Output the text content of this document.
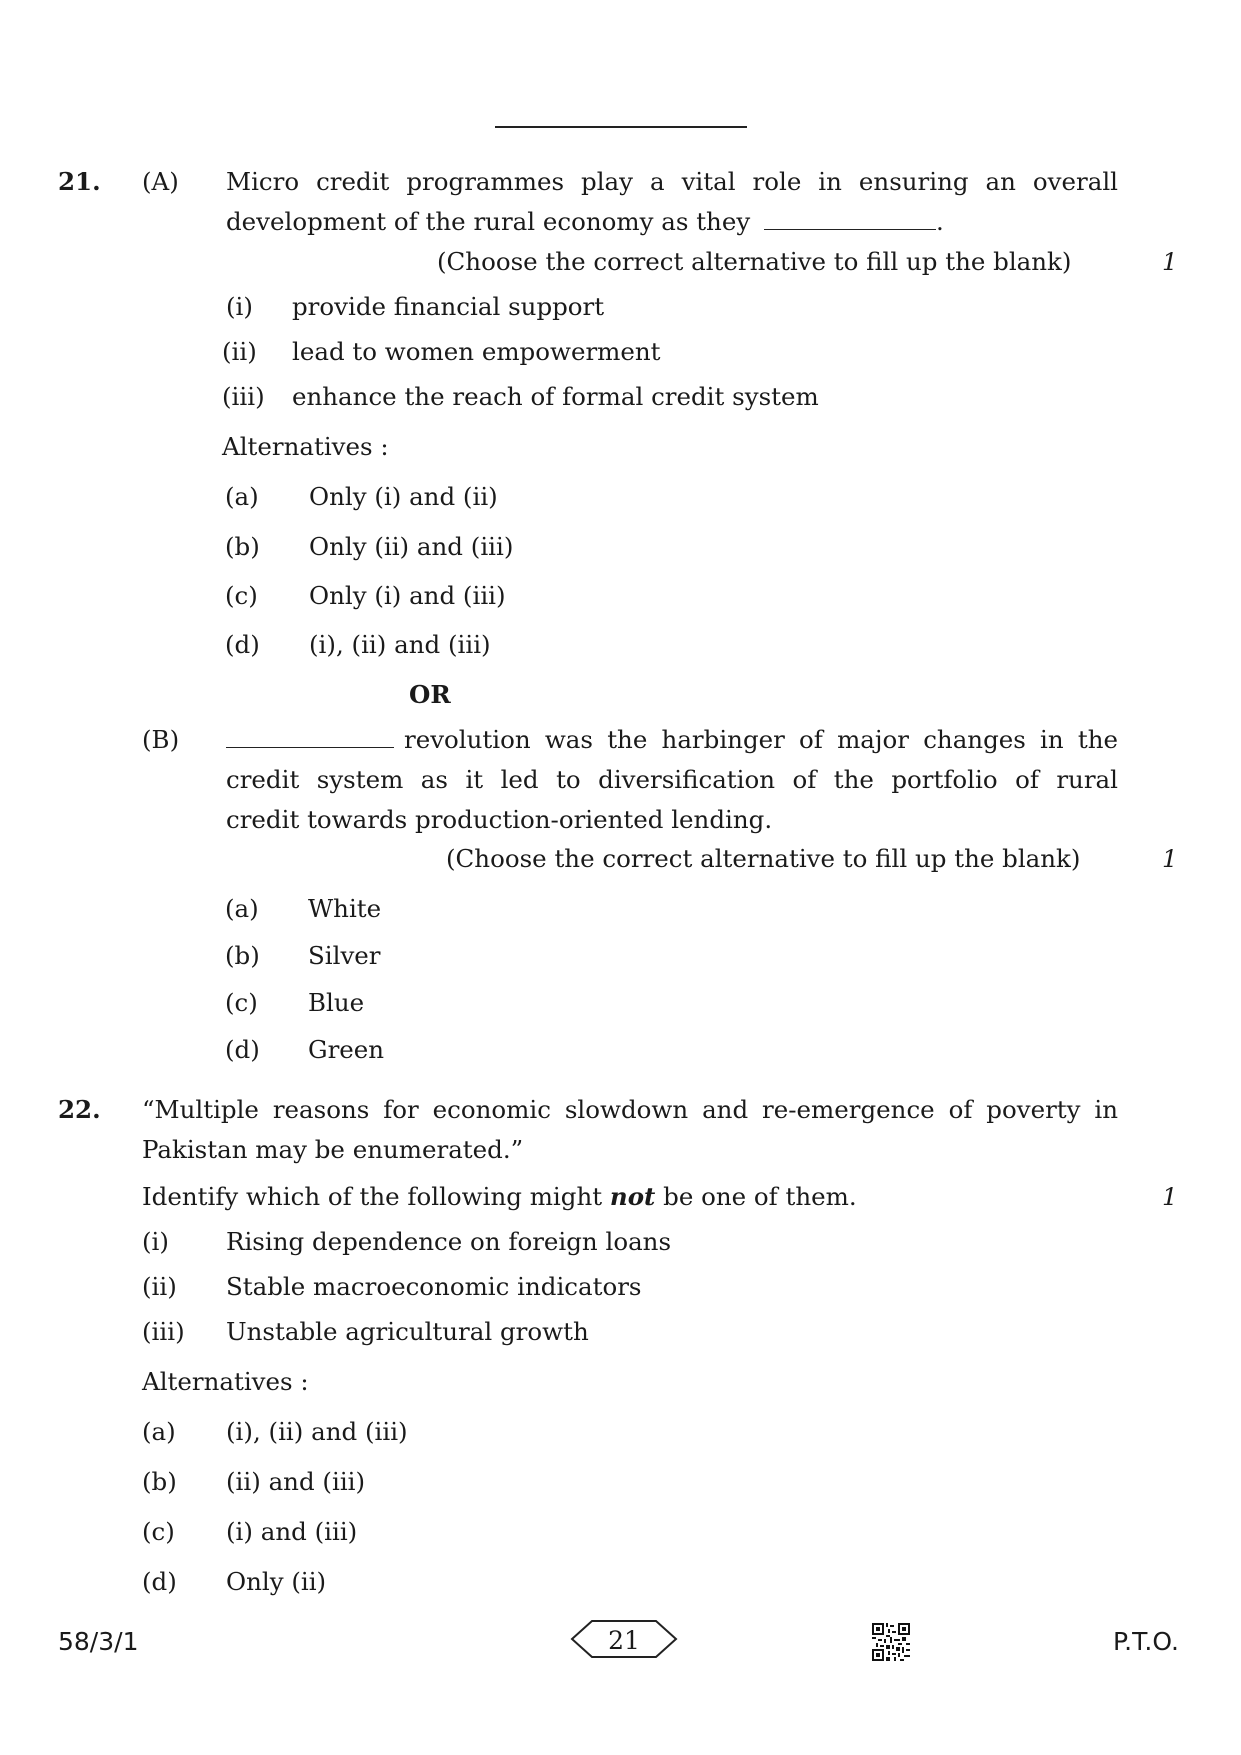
21. (A) Micro credit programmes play a vital role in ensuring an overall
development of the rural economy as they	.
(Choose the correct alternative to fill up the blank)	1
(i) provide financial support
(ii) lead to women empowerment
(iii) enhance the reach of formal credit system
Alternatives :
(a) Only (i) and (ii)
(b) Only (ii) and (iii)
(c) Only (i) and (iii)
(d) (i), (ii) and (iii)
OR
(B)	revolution was the harbinger of major changes in the
credit system as it led to diversification of the portfolio of rural
credit towards production-oriented lending.
(Choose the correct alternative to fill up the blank)	1
(a) White
(b) Silver
(c) Blue
(d) Green
22. “Multiple reasons for economic slowdown and re-emergence of poverty in
Pakistan may be enumerated.”
Identify which of the following might not be one of them.	1
(i) Rising dependence on foreign loans
(ii) Stable macroeconomic indicators
(iii) Unstable agricultural growth
Alternatives :
(a) (i), (ii) and (iii)
(b) (ii) and (iii)
(c) (i) and (iii)
(d) Only (ii)
58/3/1	21	P.T.O.
